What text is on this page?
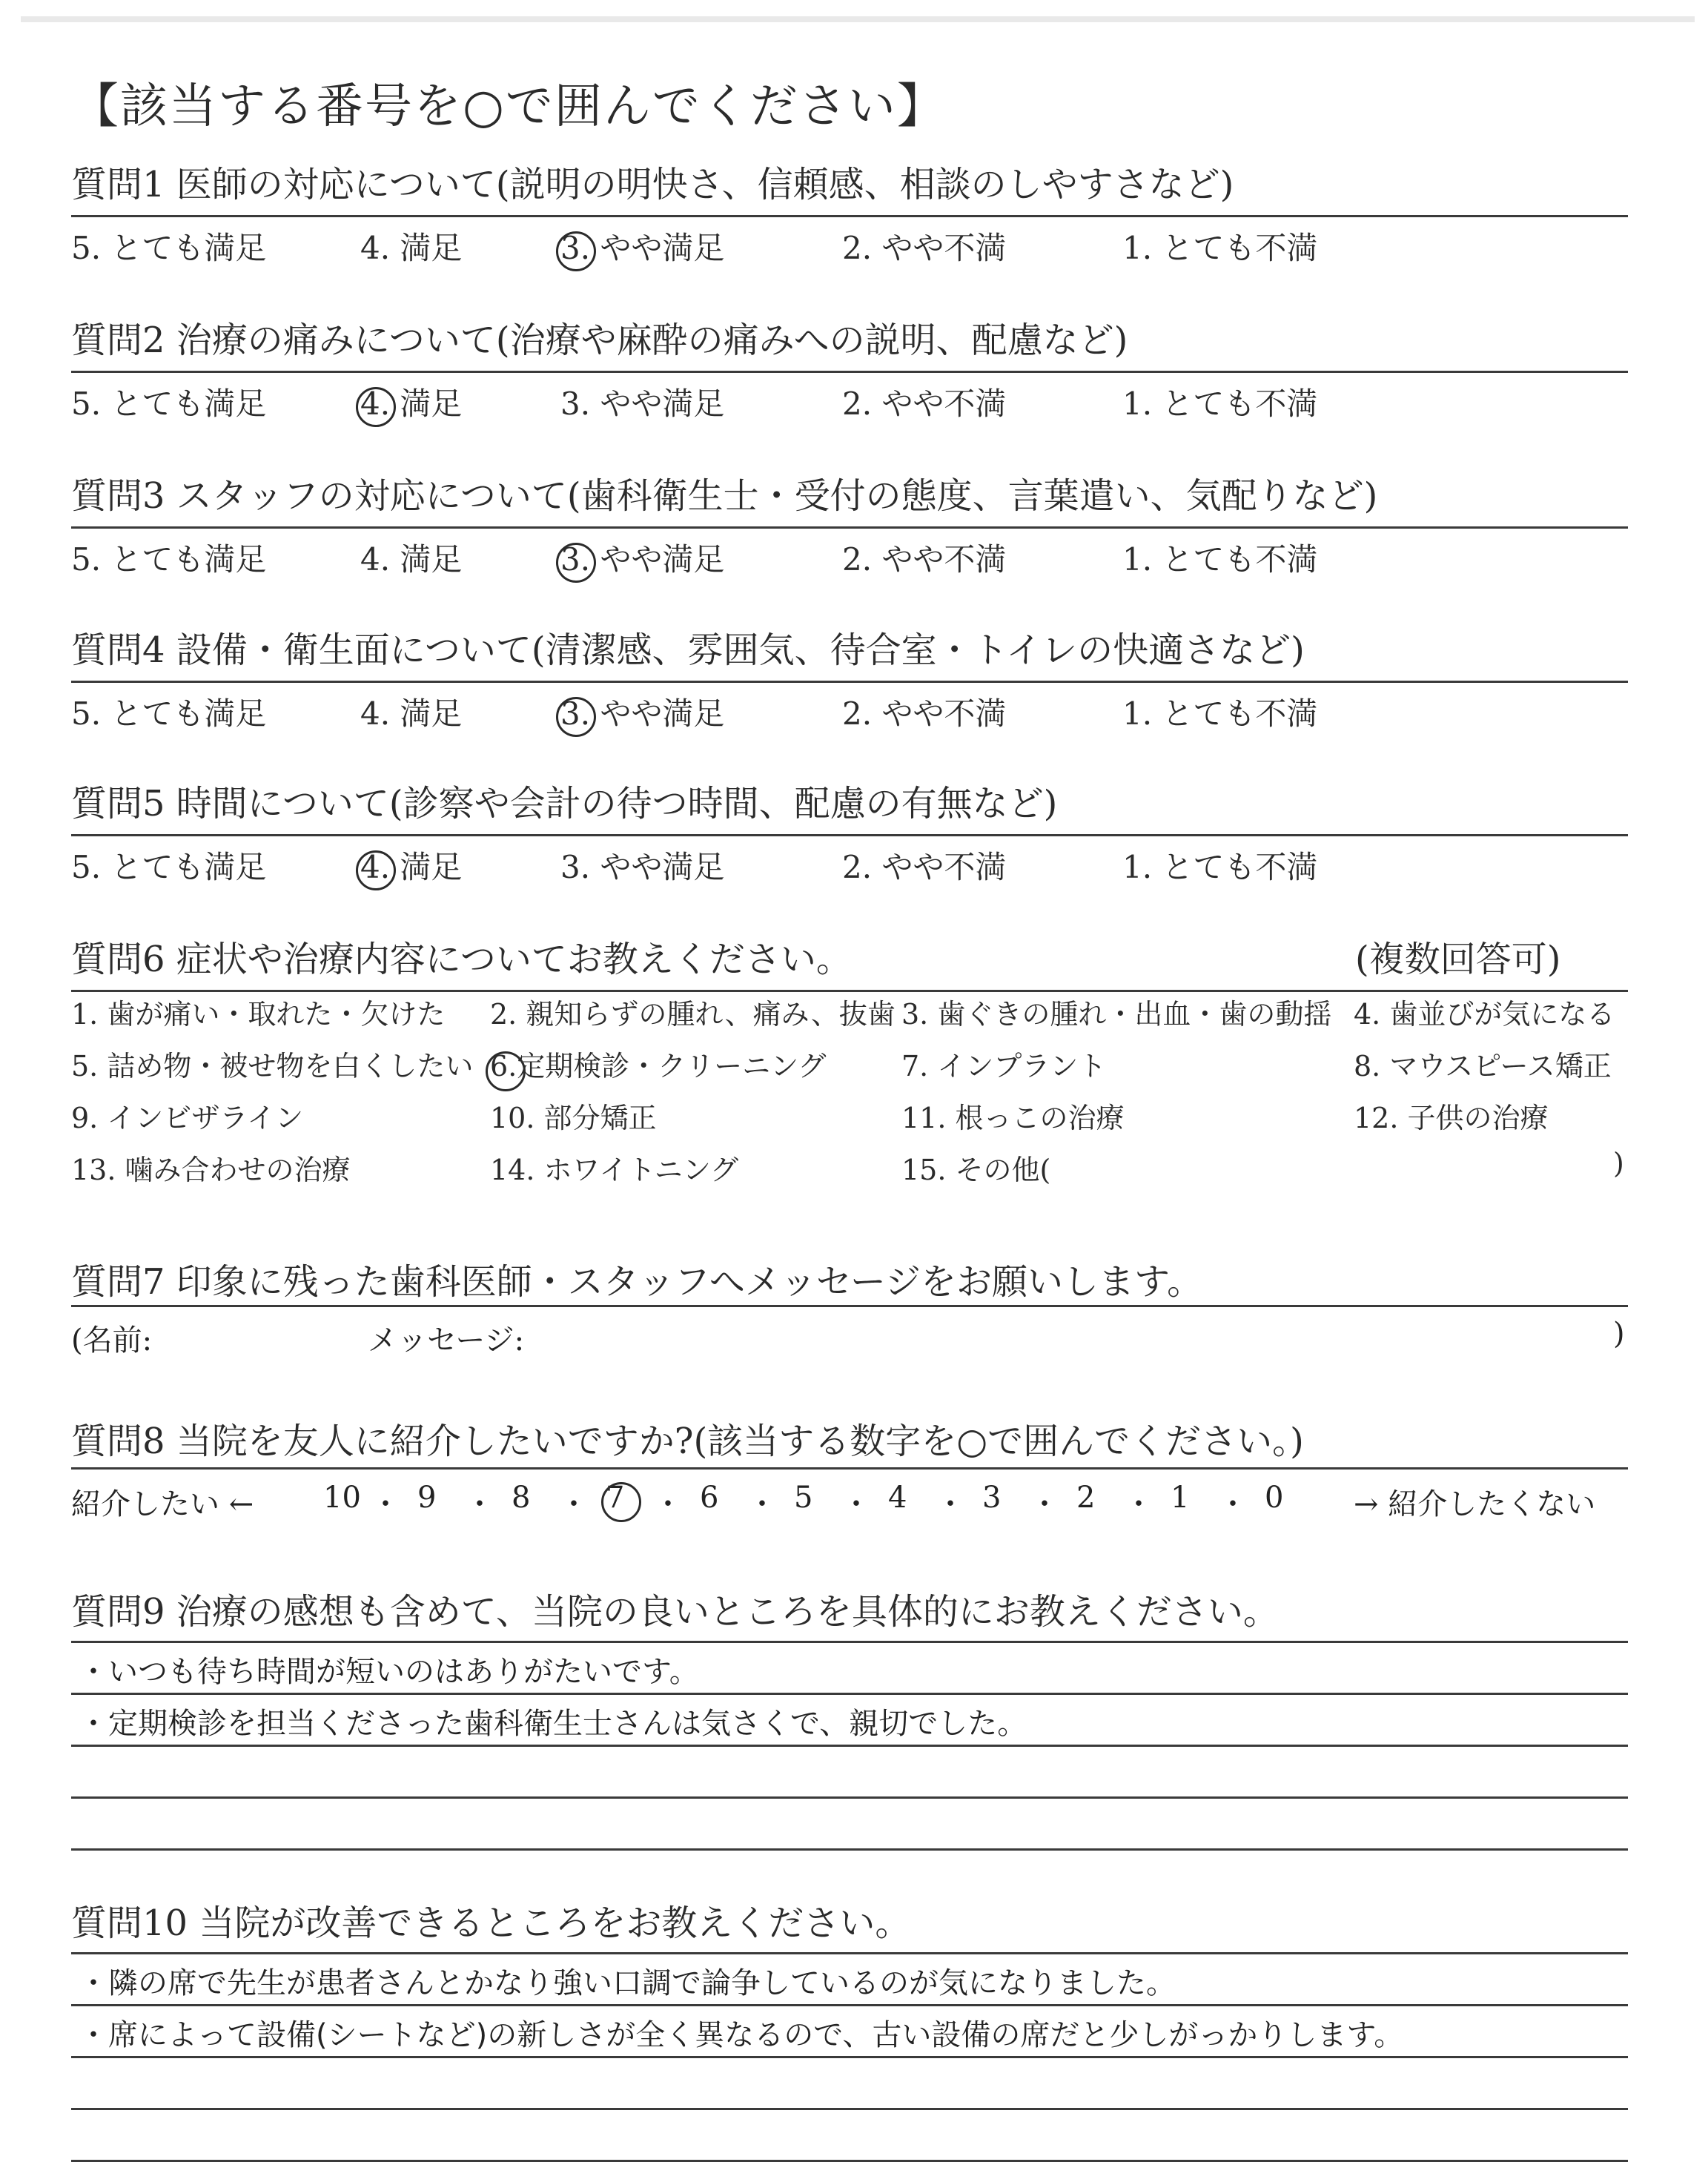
【該当する番号を○で囲んでください】
質問1 医師の対応について(説明の明快さ、信頼感、相談のしやすさなど)
5. とても満足	4. 満足	3. やや満足	2. やや不満	1. とても不満
質問2 治療の痛みについて(治療や麻酔の痛みへの説明、配慮など)
5. とても満足	4. 満足	3. やや満足	2. やや不満	1. とても不満
質問3 スタッフの対応について(歯科衛生士・受付の態度、言葉遣い、気配りなど)
5. とても満足	4. 満足	3. やや満足	2. やや不満	1. とても不満
質問4 設備・衛生面について(清潔感、雰囲気、待合室・トイレの快適さなど)
5. とても満足	4. 満足	3. やや満足	2. やや不満	1. とても不満
質問5 時間について(診察や会計の待つ時間、配慮の有無など)
5. とても満足	4. 満足	3. やや満足	2. やや不満	1. とても不満
質問6 症状や治療内容についてお教えください。	(複数回答可)
1. 歯が痛い・取れた・欠けた 2. 親知らずの腫れ、痛み、抜歯 3. 歯ぐきの腫れ・出血・歯の動揺 4. 歯並びが気になる
5. 詰め物・被せ物を白くしたい 6.定期検診・クリーニング	7. インプラント	8. マウスピース矯正
9. インビザライン	10. 部分矯正	11. 根っこの治療	12. 子供の治療
13. 噛み合わせの治療	14. ホワイトニング	15. その他(	)
質問7 印象に残った歯科医師・スタッフへメッセージをお願いします。
(名前:	メッセージ:	)
質問8 当院を友人に紹介したいですか?(該当する数字を○で囲んでください。)
紹介したい ← 10 ・ 9 ・ 8 ・ 7 ・ 6 ・ 5 ・ 4 ・ 3 ・ 2 ・ 1 ・ 0 → 紹介したくない
質問9 治療の感想も含めて、当院の良いところを具体的にお教えください。
・いつも待ち時間が短いのはありがたいです。
・定期検診を担当くださった歯科衛生士さんは気さくで、親切でした。
質問10 当院が改善できるところをお教えください。
・隣の席で先生が患者さんとかなり強い口調で論争しているのが気になりました。
・席によって設備(シートなど)の新しさが全く異なるので、古い設備の席だと少しがっかりします。
